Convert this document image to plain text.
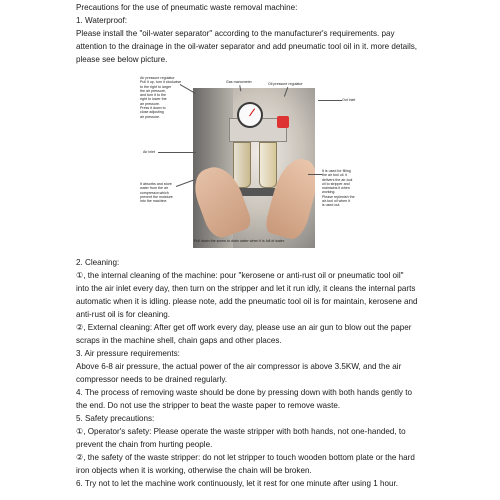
Precautions for the use of pneumatic waste removal machine:
1. Waterproof:
Please install the "oil-water separator" according to the manufacturer's requirements. pay
attention to the drainage in the oil-water separator and add pneumatic tool oil in it. more details,
please see below picture.
Air pressure regulator
Pull it up, turn it clockwise
to the right to larger
the air pressure,
and turn it to the
right to lower the
air pressure.
Press it down to
close adjusting
air pressure.
Gas manometer	Oil pressure regulator
Out inlet
Air inlet
It absorbs and store
water from the air
compressor,which
prevent the moisture
into the machine.
It is used for filling
the air tool oil. it
delivers the air-tool
oil to stripper and
maintains it when
working.
Please replenish the
air-tool oil when it
is used out.
Pull down the screw to drain water when it is full of water.
2. Cleaning:
①, the internal cleaning of the machine: pour "kerosene or anti-rust oil or pneumatic tool oil"
into the air inlet every day, then turn on the stripper and let it run idly, it cleans the internal parts
automatic when it is idling. please note, add the pneumatic tool oil is for maintain, kerosene and
anti-rust oil is for cleaning.
②, External cleaning: After get off work every day, please use an air gun to blow out the paper
scraps in the machine shell, chain gaps and other places.
3. Air pressure requirements:
Above 6-8 air pressure, the actual power of the air compressor is above 3.5KW, and the air
compressor needs to be drained regularly.
4. The process of removing waste should be done by pressing down with both hands gently to
the end. Do not use the stripper to beat the waste paper to remove waste.
5. Safety precautions:
①, Operator's safety: Please operate the waste stripper with both hands, not one-handed, to
prevent the chain from hurting people.
②, the safety of the waste stripper: do not let stripper to touch wooden bottom plate or the hard
iron objects when it is working, otherwise the chain will be broken.
6. Try not to let the machine work continuously, let it rest for one minute after using 1 hour.
